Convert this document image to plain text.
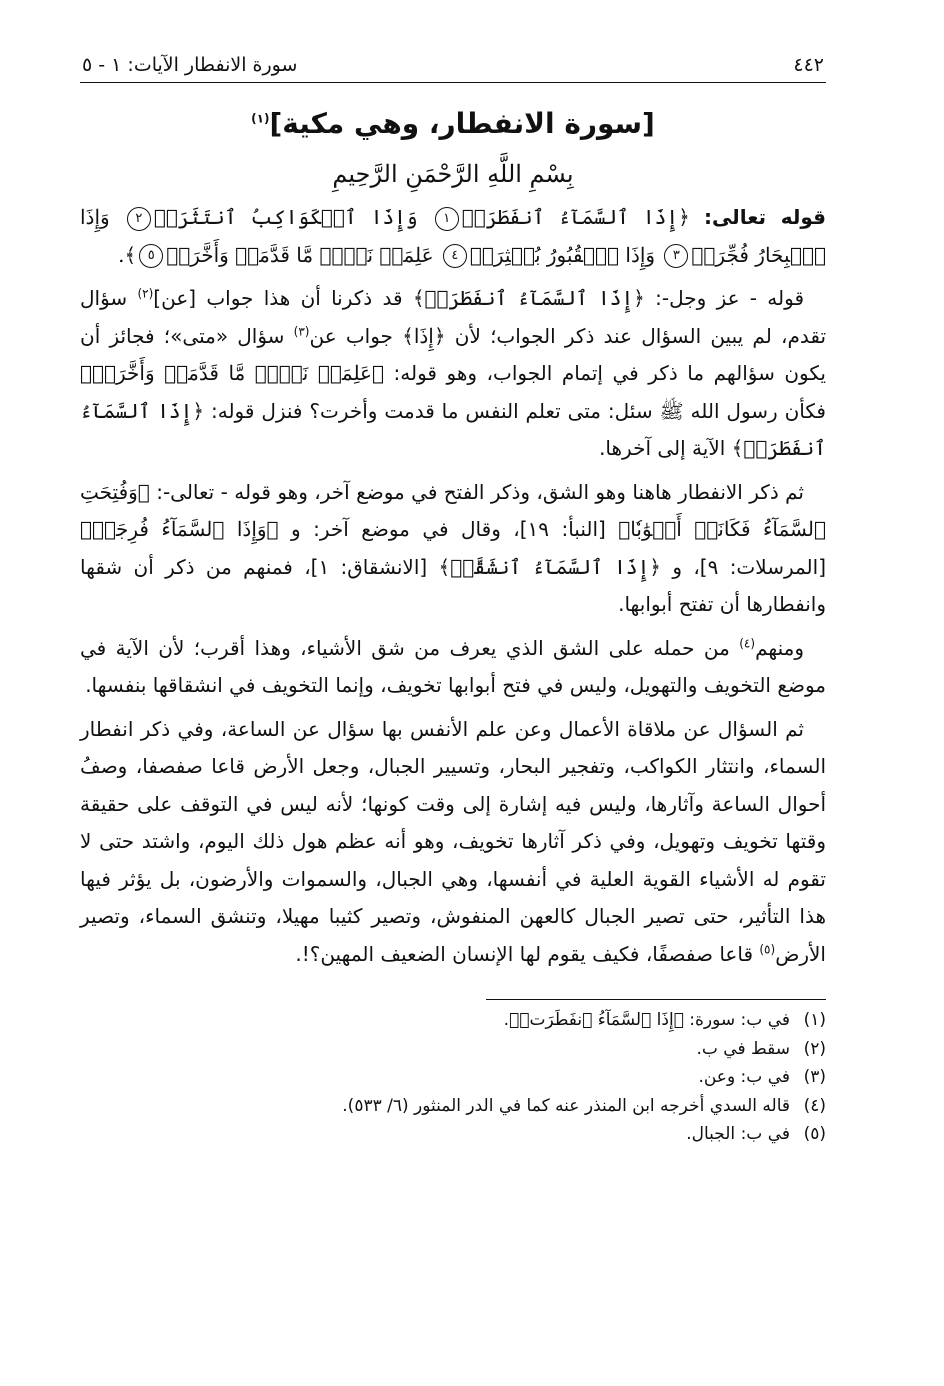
٤٤٢
سورة الانفطار الآيات: ١ - ٥
[سورة الانفطار، وهي مكية]$^{(١)}$
بِسْمِ اللَّهِ الرَّحْمَنِ الرَّحِيمِ

قوله تعالى: ﴿إِذَا ٱلسَّمَآءُ ٱنفَطَرَتۡ١ وَإِذَا ٱلۡكَوَاكِبُ ٱنتَثَرَتۡ٢ وَإِذَا ٱلۡبِحَارُ فُجِّرَتۡ٣ وَإِذَا ٱلۡقُبُورُ بُعۡثِرَتۡ٤ عَلِمَتۡ نَفۡسٞ مَّا قَدَّمَتۡ وَأَخَّرَتۡ٥﴾.

قوله - عز وجل-: ﴿إِذَا ٱلسَّمَآءُ ٱنفَطَرَتۡ﴾ قد ذكرنا أن هذا جواب [عن]$^{(٢)}$ سؤال تقدم، لم يبين السؤال عند ذكر الجواب؛ لأن ﴿إِذَا﴾ جواب عن$^{(٣)}$ سؤال «متى»؛ فجائز أن يكون سؤالهم ما ذكر في إتمام الجواب، وهو قوله: ﴿عَلِمَتۡ نَفۡسٞ مَّا قَدَّمَتۡ وَأَخَّرَتۡ﴾ فكأن رسول الله ﷺ سئل: متى تعلم النفس ما قدمت وأخرت؟ فنزل قوله: ﴿إِذَا ٱلسَّمَآءُ ٱنفَطَرَتۡ﴾ الآية إلى آخرها.

ثم ذكر الانفطار هاهنا وهو الشق، وذكر الفتح في موضع آخر، وهو قوله - تعالى-: ﴿وَفُتِحَتِ ٱلسَّمَآءُ فَكَانَتۡ أَبۡوَٰبٗا﴾ [النبأ: ١٩]، وقال في موضع آخر: و ﴿وَإِذَا ٱلسَّمَآءُ فُرِجَتۡ﴾ [المرسلات: ٩]، و ﴿إِذَا ٱلسَّمَآءُ ٱنشَقَّتۡ﴾ [الانشقاق: ١]، فمنهم من ذكر أن شقها وانفطارها أن تفتح أبوابها.

ومنهم$^{(٤)}$ من حمله على الشق الذي يعرف من شق الأشياء، وهذا أقرب؛ لأن الآية في موضع التخويف والتهويل، وليس في فتح أبوابها تخويف، وإنما التخويف في انشقاقها بنفسها.

ثم السؤال عن ملاقاة الأعمال وعن علم الأنفس بها سؤال عن الساعة، وفي ذكر انفطار السماء، وانتثار الكواكب، وتفجير البحار، وتسيير الجبال، وجعل الأرض قاعا صفصفا، وصفُ أحوال الساعة وآثارها، وليس فيه إشارة إلى وقت كونها؛ لأنه ليس في التوقف على حقيقة وقتها تخويف وتهويل، وفي ذكر آثارها تخويف، وهو أنه عظم هول ذلك اليوم، واشتد حتى لا تقوم له الأشياء القوية العلية في أنفسها، وهي الجبال، والسموات والأرضون، بل يؤثر فيها هذا التأثير، حتى تصير الجبال كالعهن المنفوش، وتصير كثيبا مهيلا، وتنشق السماء، وتصير الأرض$^{(٥)}$ قاعا صفصفًا، فكيف يقوم لها الإنسان الضعيف المهين؟!.

(١)في ب: سورة: ﴿إِذَا ٱلسَّمَآءُ ٱنفَطَرَتۡ﴾.
(٢)سقط في ب.
(٣)في ب: وعن.
(٤)قاله السدي أخرجه ابن المنذر عنه كما في الدر المنثور (٦/ ٥٣٣).
(٥)في ب: الجبال.
